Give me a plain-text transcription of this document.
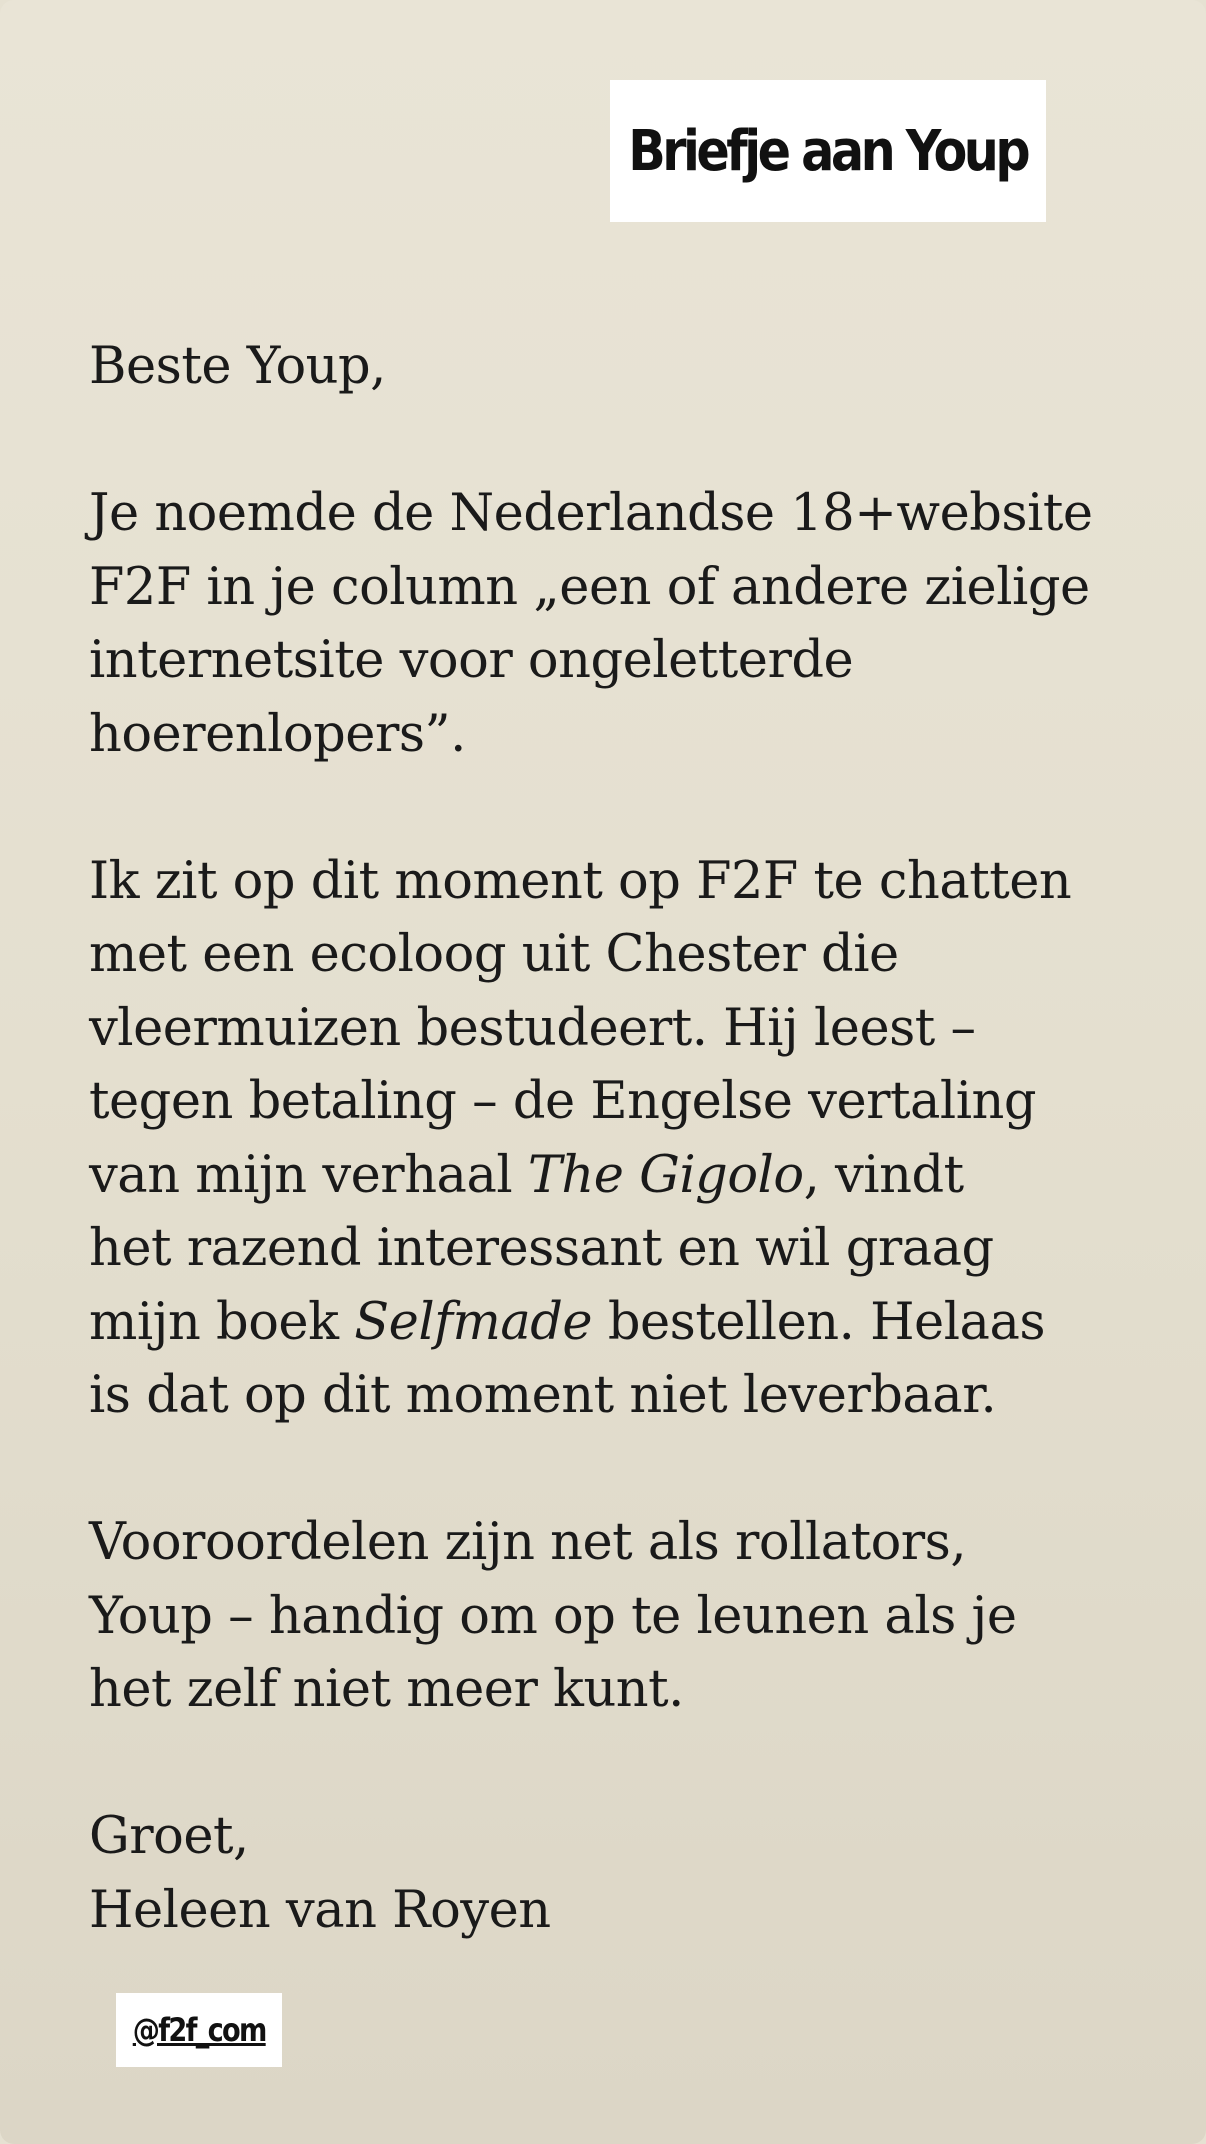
Briefje aan Youp

Beste Youp,

Je noemde de Nederlandse 18+website
F2F in je column „een of andere zielige
internetsite voor ongeletterde
hoerenlopers”.

Ik zit op dit moment op F2F te chatten
met een ecoloog uit Chester die
vleermuizen bestudeert. Hij leest –
tegen betaling – de Engelse vertaling
van mijn verhaal The Gigolo, vindt
het razend interessant en wil graag
mijn boek Selfmade bestellen. Helaas
is dat op dit moment niet leverbaar.

Vooroordelen zijn net als rollators,
Youp – handig om op te leunen als je
het zelf niet meer kunt.

Groet,
Heleen van Royen

@f2f_com
